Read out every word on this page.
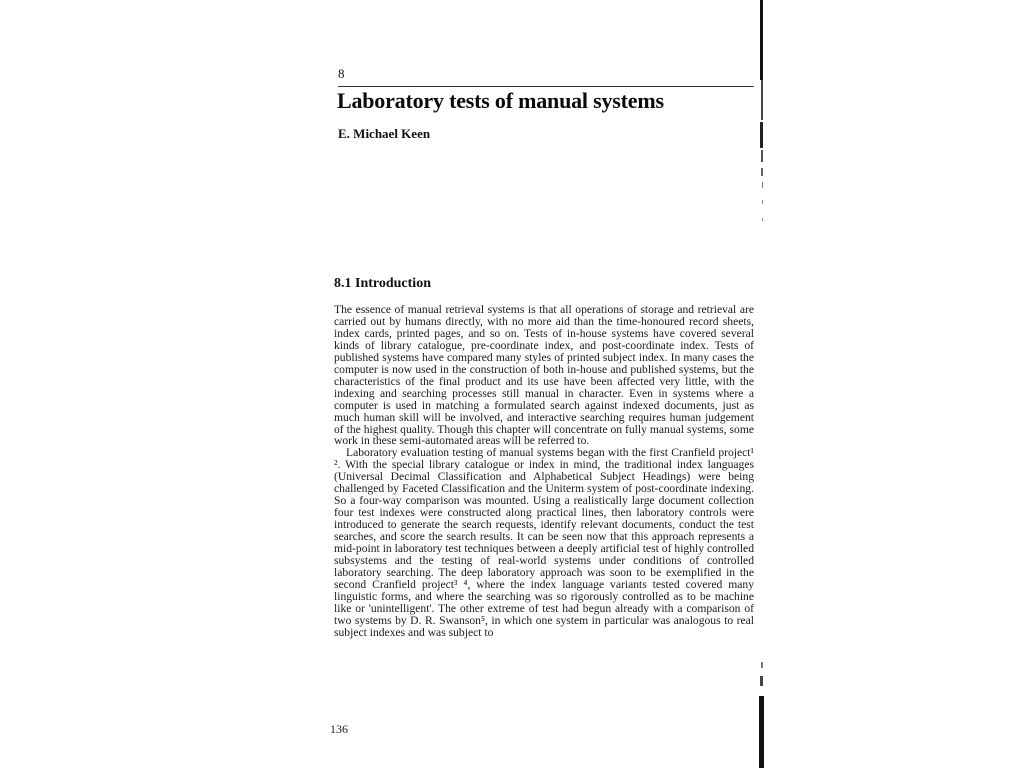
8
Laboratory tests of manual systems
E. Michael Keen
8.1 Introduction

The essence of manual retrieval systems is that all operations of storage and retrieval are carried out by humans directly, with no more aid than the time-honoured record sheets, index cards, printed pages, and so on. Tests of in-house systems have covered several kinds of library catalogue, pre-coordinate index, and post-coordinate index. Tests of published systems have compared many styles of printed subject index. In many cases the computer is now used in the construction of both in-house and published systems, but the characteristics of the final product and its use have been affected very little, with the indexing and searching processes still manual in character. Even in systems where a computer is used in matching a formulated search against indexed documents, just as much human skill will be involved, and interactive searching requires human judgement of the highest quality. Though this chapter will concentrate on fully manual systems, some work in these semi-automated areas will be referred to.

Laboratory evaluation testing of manual systems began with the first Cranfield project¹ ². With the special library catalogue or index in mind, the traditional index languages (Universal Decimal Classification and Alphabetical Subject Headings) were being challenged by Faceted Classification and the Uniterm system of post-coordinate indexing. So a four-way comparison was mounted. Using a realistically large document collection four test indexes were constructed along practical lines, then laboratory controls were introduced to generate the search requests, identify relevant documents, conduct the test searches, and score the search results. It can be seen now that this approach represents a mid-point in laboratory test techniques between a deeply artificial test of highly controlled subsystems and the testing of real-world systems under conditions of controlled laboratory searching. The deep laboratory approach was soon to be exemplified in the second Cranfield project³ ⁴, where the index language variants tested covered many linguistic forms, and where the searching was so rigorously controlled as to be machine like or 'unintelligent'. The other extreme of test had begun already with a comparison of two systems by D. R. Swanson⁵, in which one system in particular was analogous to real subject indexes and was subject to

136
